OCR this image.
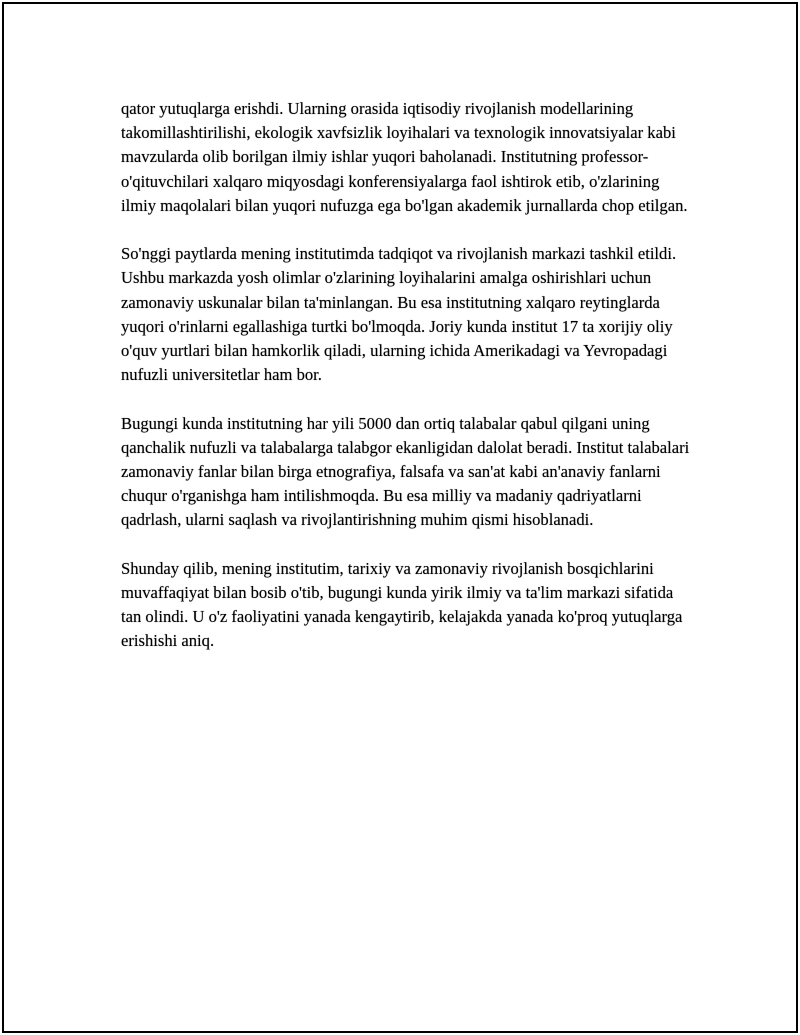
qator yutuqlarga erishdi. Ularning orasida iqtisodiy rivojlanish modellarining takomillashtirilishi, ekologik xavfsizlik loyihalari va texnologik innovatsiyalar kabi mavzularda olib borilgan ilmiy ishlar yuqori baholanadi. Institutning professor-o'qituvchilari xalqaro miqyosdagi konferensiyalarga faol ishtirok etib, o'zlarining ilmiy maqolalari bilan yuqori nufuzga ega bo'lgan akademik jurnallarda chop etilgan.

So'nggi paytlarda mening institutimda tadqiqot va rivojlanish markazi tashkil etildi. Ushbu markazda yosh olimlar o'zlarining loyihalarini amalga oshirishlari uchun zamonaviy uskunalar bilan ta'minlangan. Bu esa institutning xalqaro reytinglarda yuqori o'rinlarni egallashiga turtki bo'lmoqda. Joriy kunda institut 17 ta xorijiy oliy o'quv yurtlari bilan hamkorlik qiladi, ularning ichida Amerikadagi va Yevropadagi nufuzli universitetlar ham bor.

Bugungi kunda institutning har yili 5000 dan ortiq talabalar qabul qilgani uning qanchalik nufuzli va talabalarga talabgor ekanligidan dalolat beradi. Institut talabalari zamonaviy fanlar bilan birga etnografiya, falsafa va san'at kabi an'anaviy fanlarni chuqur o'rganishga ham intilishmoqda. Bu esa milliy va madaniy qadriyatlarni qadrlash, ularni saqlash va rivojlantirishning muhim qismi hisoblanadi.

Shunday qilib, mening institutim, tarixiy va zamonaviy rivojlanish bosqichlarini muvaffaqiyat bilan bosib o'tib, bugungi kunda yirik ilmiy va ta'lim markazi sifatida tan olindi. U o'z faoliyatini yanada kengaytirib, kelajakda yanada ko'proq yutuqlarga erishishi aniq.
